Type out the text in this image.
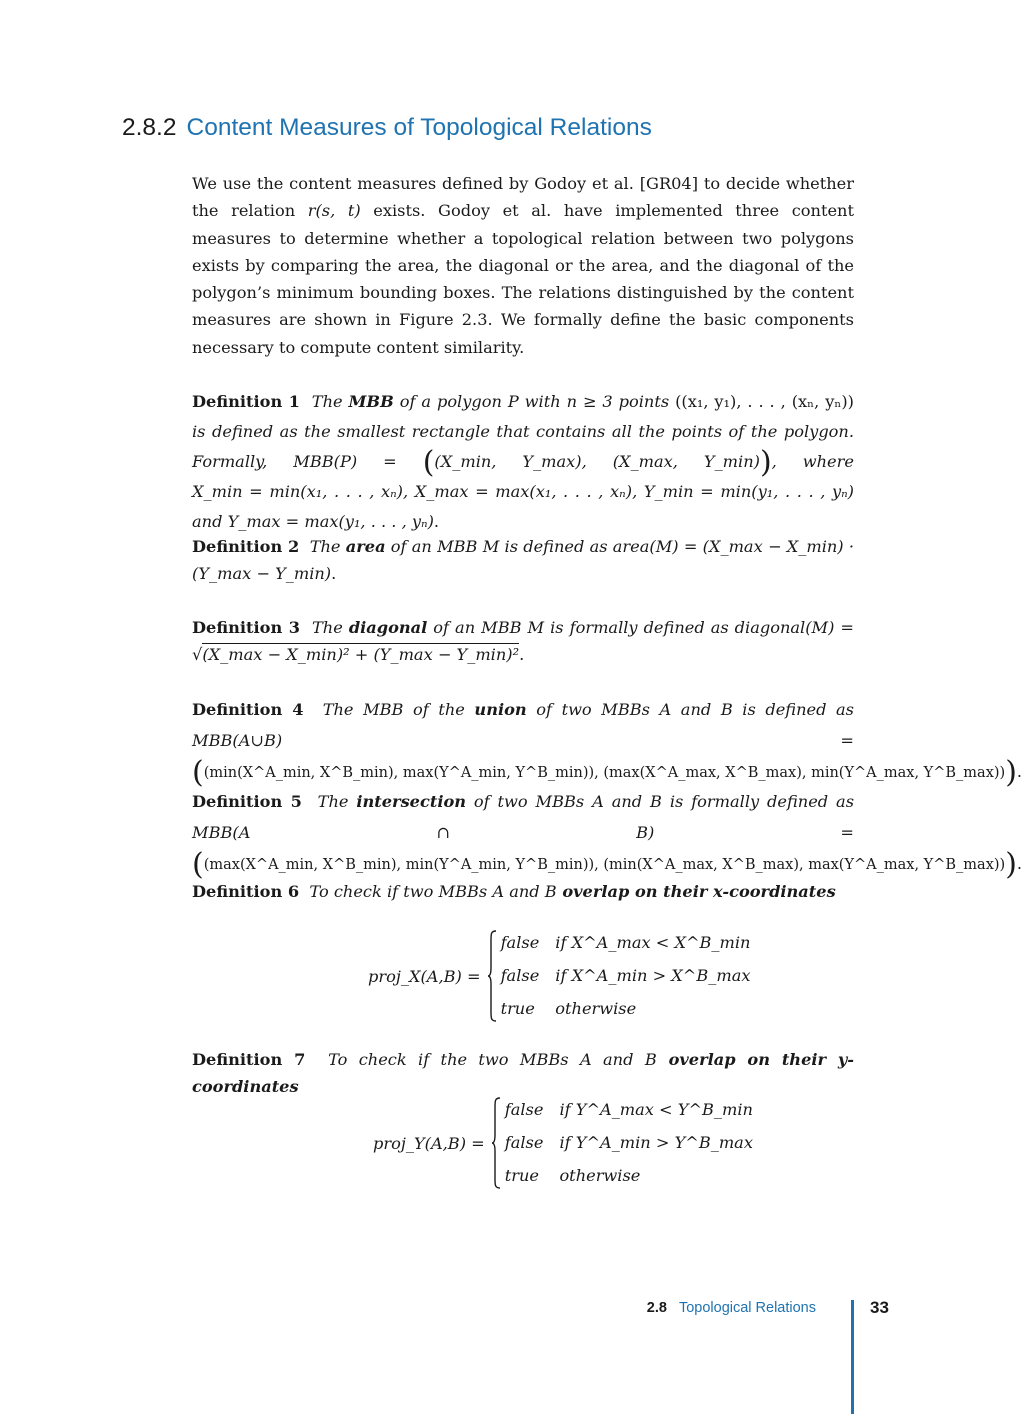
2.8.2 Content Measures of Topological Relations

We use the content measures defined by Godoy et al. [GR04] to decide whether the relation r(s, t) exists. Godoy et al. have implemented three content measures to determine whether a topological relation between two polygons exists by comparing the area, the diagonal or the area, and the diagonal of the polygon’s minimum bounding boxes. The relations distinguished by the content measures are shown in Figure 2.3. We formally define the basic components necessary to compute content similarity.

Definition 1 The MBB of a polygon P with n ≥ 3 points ((x₁, y₁), . . . , (xₙ, yₙ)) is defined as the smallest rectangle that contains all the points of the polygon. Formally, MBB(P) = ((X_min, Y_max), (X_max, Y_min)), where X_min = min(x₁, . . . , xₙ), X_max = max(x₁, . . . , xₙ), Y_min = min(y₁, . . . , yₙ) and Y_max = max(y₁, . . . , yₙ).

Definition 2 The area of an MBB M is defined as area(M) = (X_max − X_min) · (Y_max − Y_min).

Definition 3 The diagonal of an MBB M is formally defined as diagonal(M) = √(X_max − X_min)² + (Y_max − Y_min)².

Definition 4 The MBB of the union of two MBBs A and B is defined as MBB(A∪B) = ((min(X^A_min, X^B_min), max(Y^A_min, Y^B_min)), (max(X^A_max, X^B_max), min(Y^A_max, Y^B_max))).

Definition 5 The intersection of two MBBs A and B is formally defined as MBB(A ∩ B) = ((max(X^A_min, X^B_min), min(Y^A_min, Y^B_min)), (min(X^A_max, X^B_max), max(Y^A_max, Y^B_max))).

Definition 6 To check if two MBBs A and B overlap on their x-coordinates

proj_X(A,B) =
false if X^A_max < X^B_min
false if X^A_min > X^B_max
true otherwise

Definition 7 To check if the two MBBs A and B overlap on their y-coordinates

proj_Y(A,B) =
false if Y^A_max < Y^B_min
false if Y^A_min > Y^B_max
true otherwise
2.8 Topological Relations	33
